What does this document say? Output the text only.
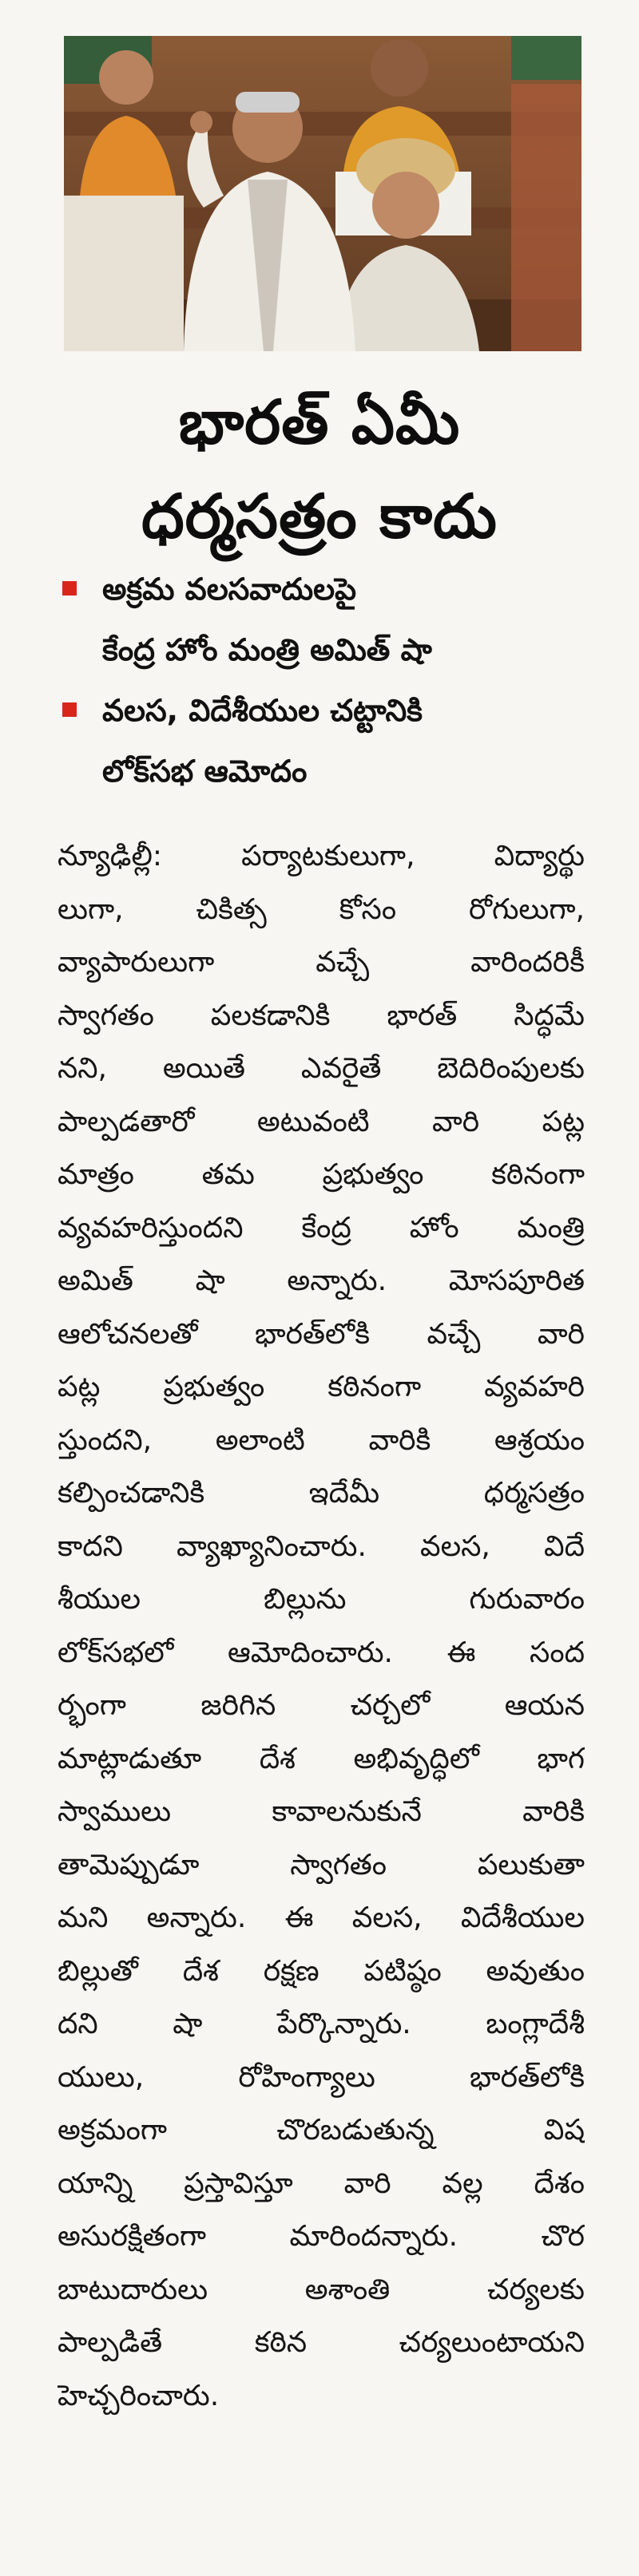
భారత్ ఏమీ
ధర్మసత్రం కాదు
అక్రమ వలసవాదులపై
కేంద్ర హోం మంత్రి అమిత్ షా
వలస, విదేశీయుల చట్టానికి
లోక్‌సభ ఆమోదం
న్యూఢిల్లీ: పర్యాటకులుగా, విద్యార్థు
లుగా, చికిత్స కోసం రోగులుగా,
వ్యాపారులుగా వచ్చే వారిందరికీ
స్వాగతం పలకడానికి భారత్ సిద్ధమే
నని, అయితే ఎవరైతే బెదిరింపులకు
పాల్పడతారో అటువంటి వారి పట్ల
మాత్రం తమ ప్రభుత్వం కఠినంగా
వ్యవహరిస్తుందని కేంద్ర హోం మంత్రి
అమిత్ షా అన్నారు. మోసపూరిత
ఆలోచనలతో భారత్‌లోకి వచ్చే వారి
పట్ల ప్రభుత్వం కఠినంగా వ్యవహరి
స్తుందని, అలాంటి వారికి ఆశ్రయం
కల్పించడానికి ఇదేమీ ధర్మసత్రం
కాదని వ్యాఖ్యానించారు. వలస, విదే
శీయుల బిల్లును గురువారం
లోక్‌సభలో ఆమోదించారు. ఈ సంద
ర్భంగా జరిగిన చర్చలో ఆయన
మాట్లాడుతూ దేశ అభివృద్ధిలో భాగ
స్వాములు కావాలనుకునే వారికి
తామెప్పుడూ స్వాగతం పలుకుతా
మని అన్నారు. ఈ వలస, విదేశీయుల
బిల్లుతో దేశ రక్షణ పటిష్ఠం అవుతుం
దని షా పేర్కొన్నారు. బంగ్లాదేశీ
యులు, రోహింగ్యాలు భారత్‌లోకి
అక్రమంగా చొరబడుతున్న విష
యాన్ని ప్రస్తావిస్తూ వారి వల్ల దేశం
అసురక్షితంగా మారిందన్నారు. చొర
బాటుదారులు అశాంతి చర్యలకు
పాల్పడితే కఠిన చర్యలుంటాయని
హెచ్చరించారు.
